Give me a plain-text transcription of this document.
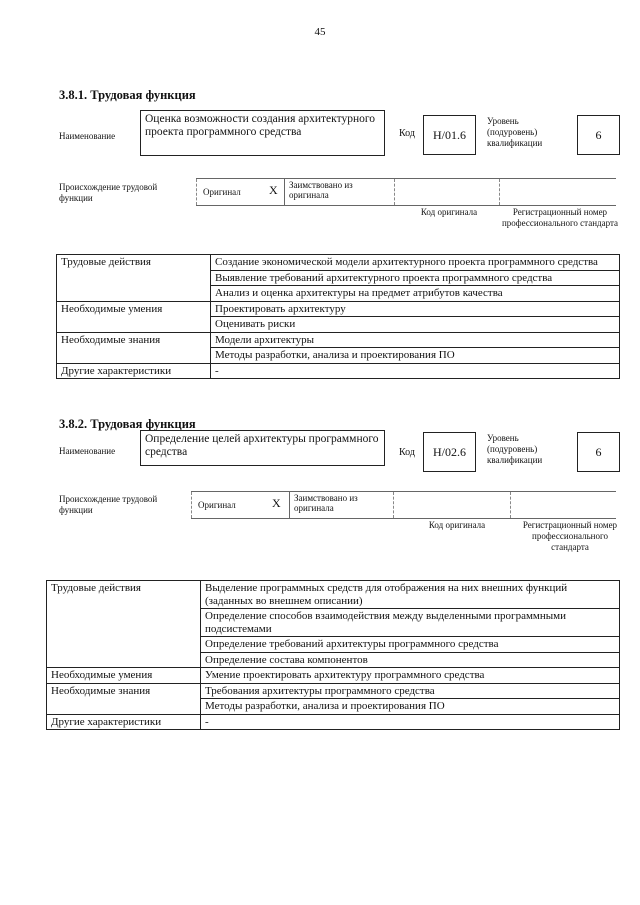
45
3.8.1. Трудовая функция
Наименование
Оценка возможности создания архитектурного проекта программного средства	Код	H/01.6
Уровень (подуровень) квалификации
6
Происхождение трудовой функции
Оригинал X	Заимствовано из оригинала
Код оригинала	Регистрационный номер профессионального стандарта
Трудовые действия	Создание экономической модели архитектурного проекта программного средства
	Выявление требований архитектурного проекта программного средства
	Анализ и оценка архитектуры на предмет атрибутов качества
Необходимые умения	Проектировать архитектуру
	Оценивать риски
Необходимые знания	Модели архитектуры
	Методы разработки, анализа и проектирования ПО
Другие характеристики	-
3.8.2. Трудовая функция
Наименование
Определение целей архитектуры программного средства	Код	H/02.6
Уровень (подуровень) квалификации
6
Происхождение трудовой функции	Оригинал	X	Заимствовано из оригинала
Код оригинала	Регистрационный номер профессионального стандарта
Трудовые действия	Выделение программных средств для отображения на них внешних функций (заданных во внешнем описании)
	Определение способов взаимодействия между выделенными программными подсистемами
	Определение требований архитектуры программного средства
	Определение состава компонентов
Необходимые умения	Умение проектировать архитектуру программного средства
Необходимые знания	Требования архитектуры программного средства
	Методы разработки, анализа и проектирования ПО
Другие характеристики	-
